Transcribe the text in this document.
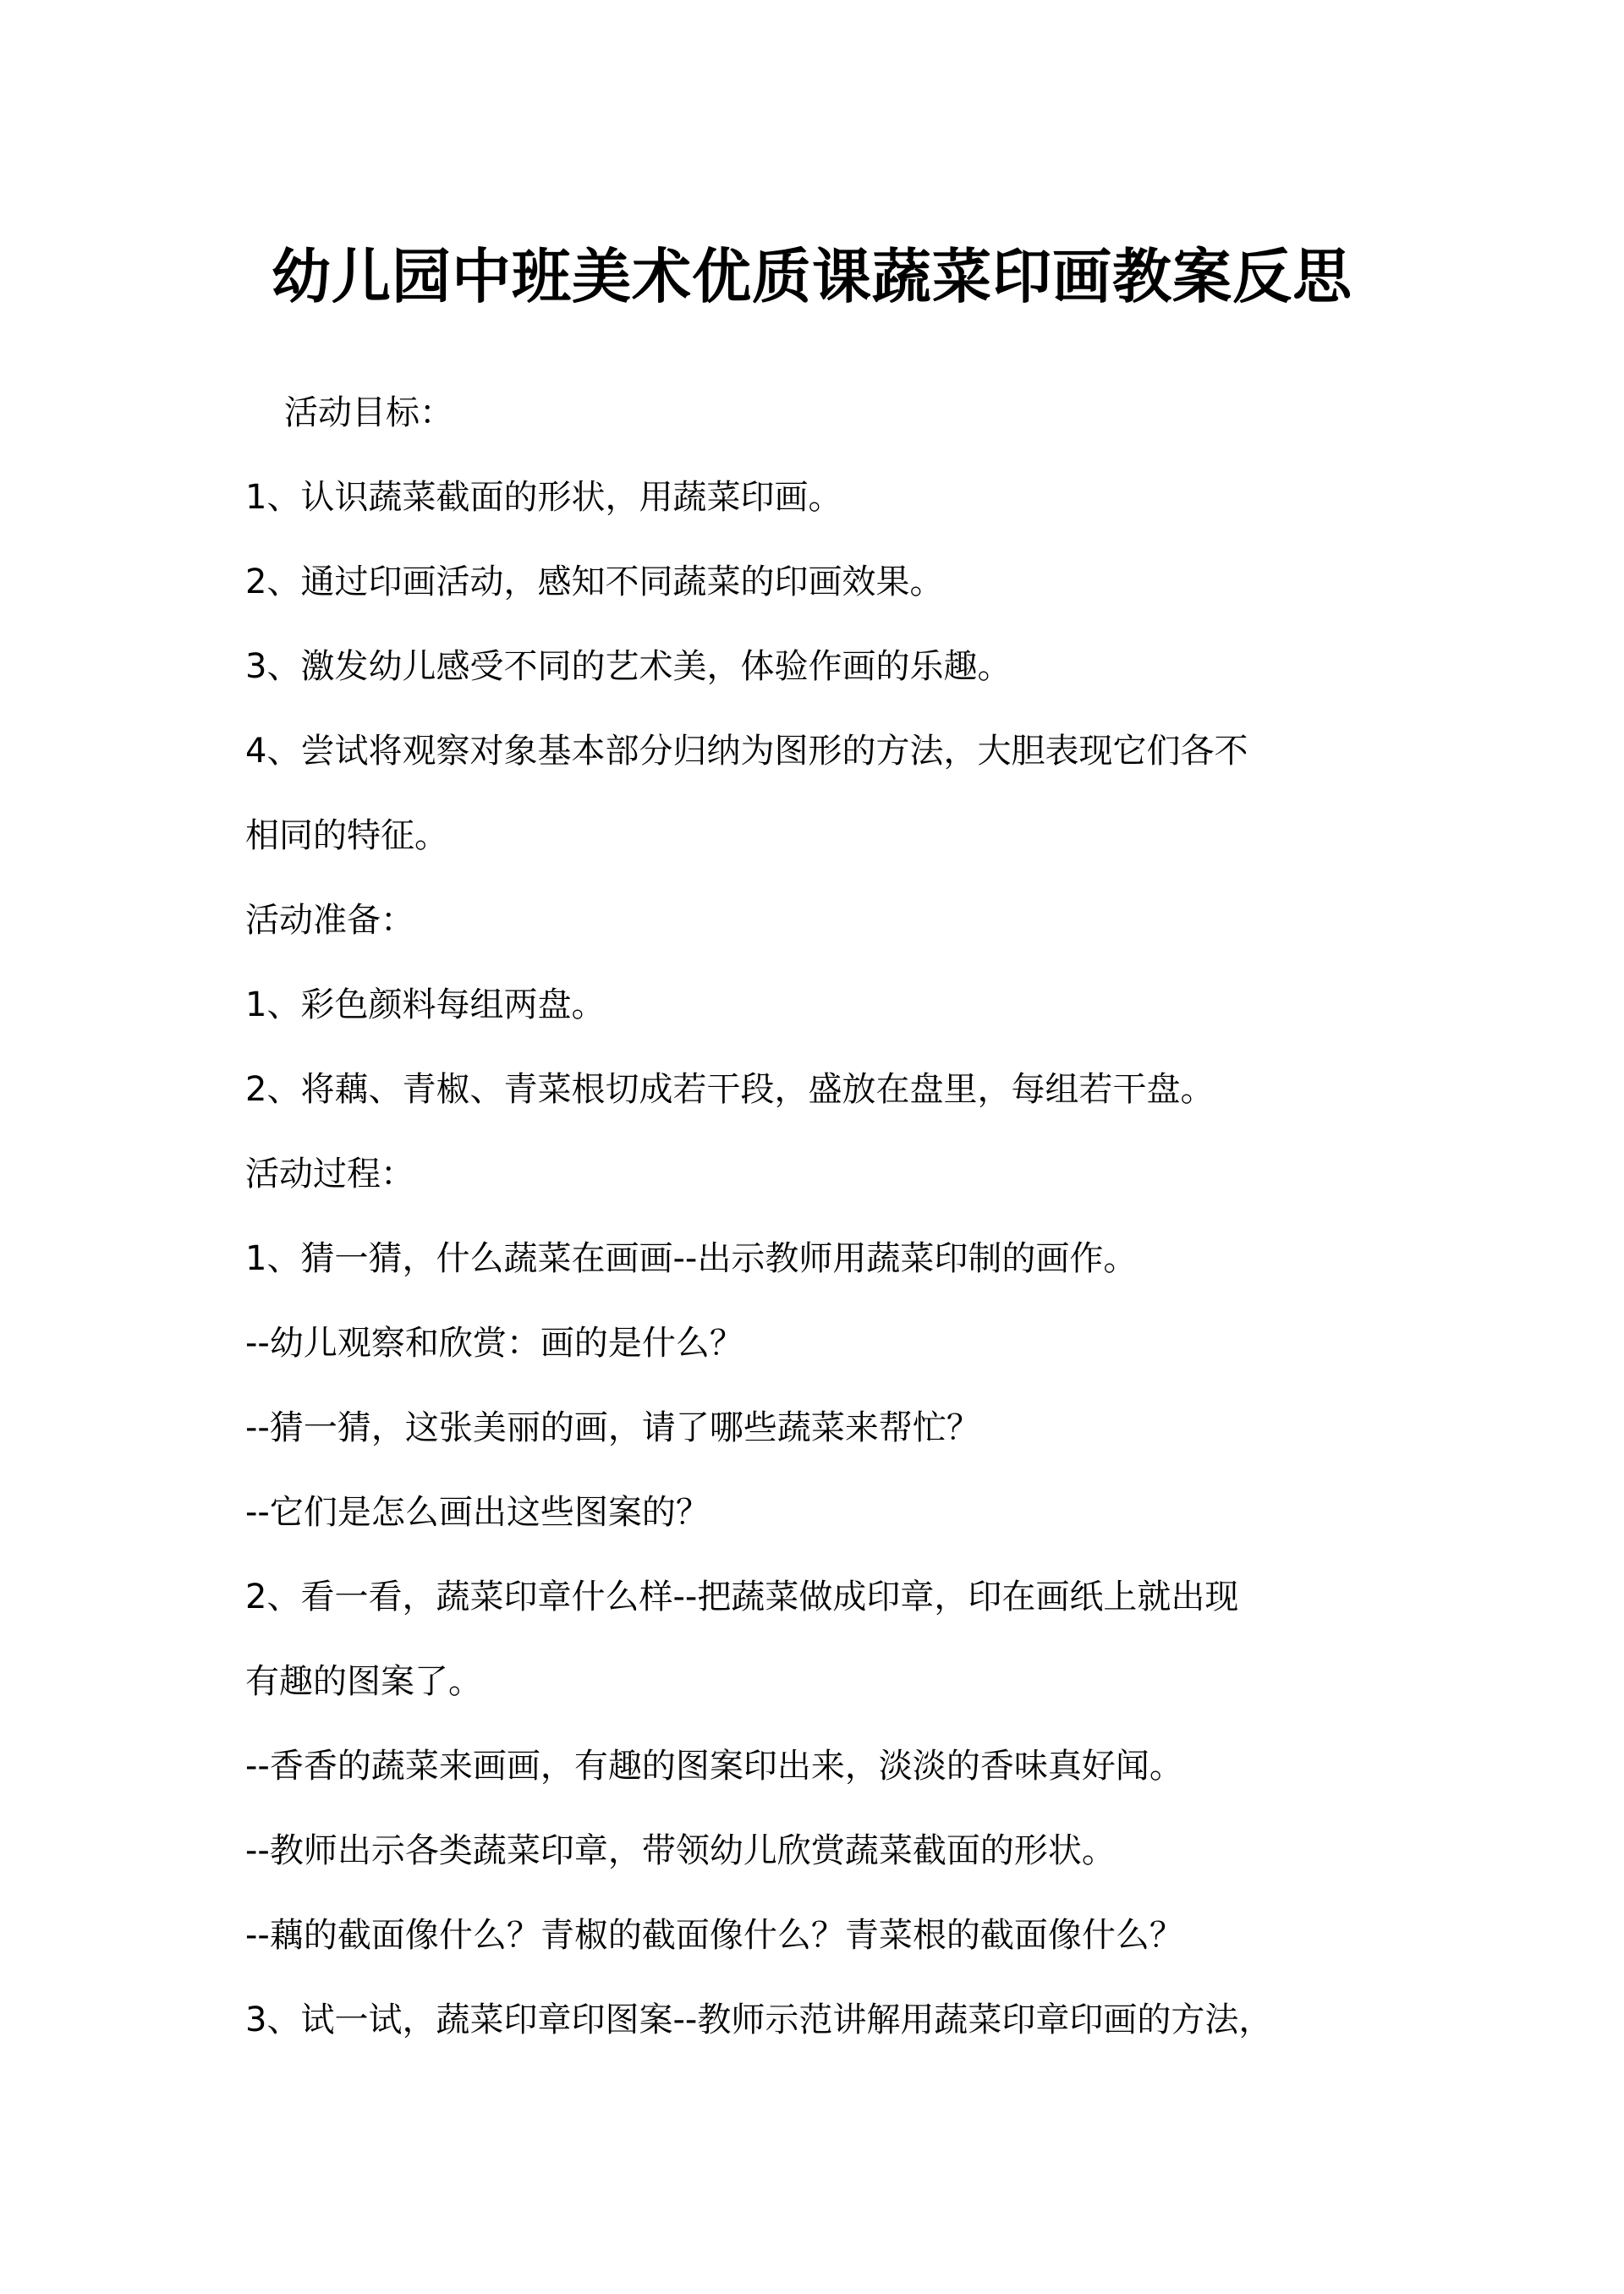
幼儿园中班美术优质课蔬菜印画教案反思
活动目标：
1、认识蔬菜截面的形状，用蔬菜印画。
2、通过印画活动，感知不同蔬菜的印画效果。
3、激发幼儿感受不同的艺术美，体验作画的乐趣。
4、尝试将观察对象基本部分归纳为图形的方法，大胆表现它们各不
相同的特征。
活动准备：
1、彩色颜料每组两盘。
2、将藕、青椒、青菜根切成若干段，盛放在盘里，每组若干盘。
活动过程：
1、猜一猜，什么蔬菜在画画--出示教师用蔬菜印制的画作。
--幼儿观察和欣赏：画的是什么？
--猜一猜，这张美丽的画，请了哪些蔬菜来帮忙？
--它们是怎么画出这些图案的？
2、看一看，蔬菜印章什么样--把蔬菜做成印章，印在画纸上就出现
有趣的图案了。
--香香的蔬菜来画画，有趣的图案印出来，淡淡的香味真好闻。
--教师出示各类蔬菜印章，带领幼儿欣赏蔬菜截面的形状。
--藕的截面像什么？青椒的截面像什么？青菜根的截面像什么？
3、试一试，蔬菜印章印图案--教师示范讲解用蔬菜印章印画的方法，
